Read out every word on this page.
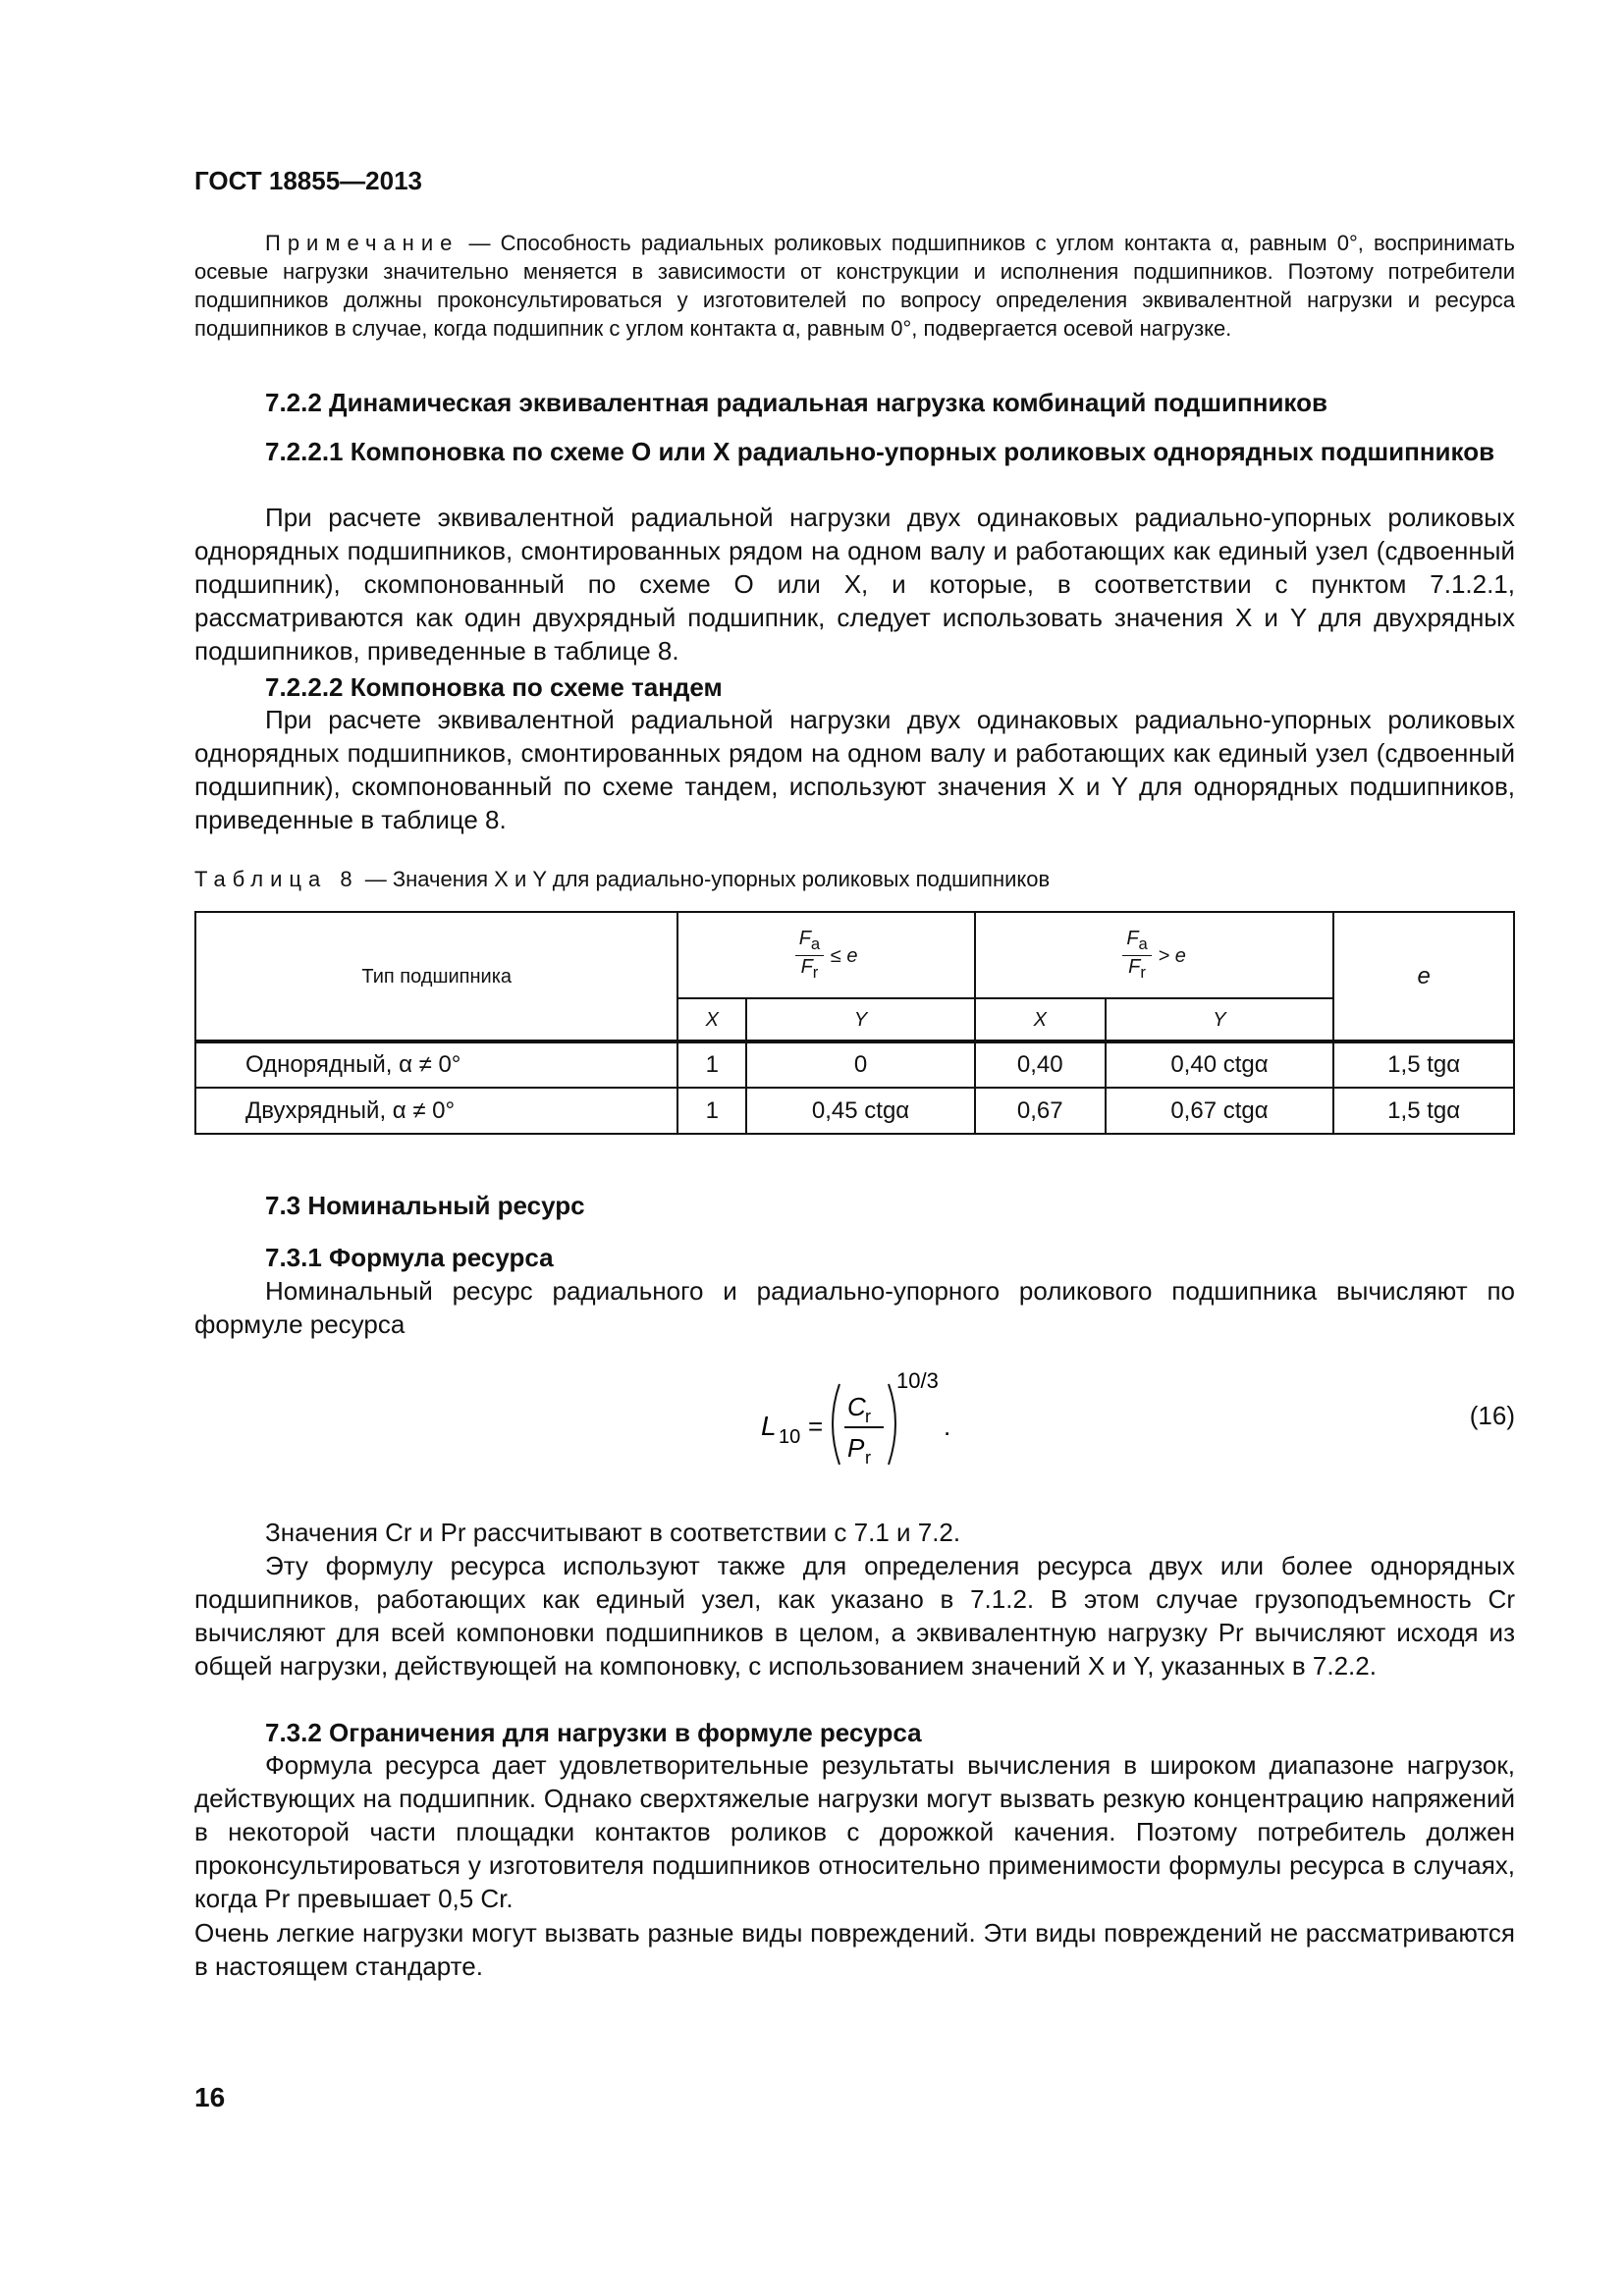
ГОСТ 18855—2013
Примечание — Способность радиальных роликовых подшипников с углом контакта α, равным 0°, воспринимать осевые нагрузки значительно меняется в зависимости от конструкции и исполнения подшипников. Поэтому потребители подшипников должны проконсультироваться у изготовителей по вопросу определения эквивалентной нагрузки и ресурса подшипников в случае, когда подшипник с углом контакта α, равным 0°, подвергается осевой нагрузке.
7.2.2 Динамическая эквивалентная радиальная нагрузка комбинаций подшипников
7.2.2.1 Компоновка по схеме O или X радиально-упорных роликовых однорядных подшипников
При расчете эквивалентной радиальной нагрузки двух одинаковых радиально-упорных роликовых однорядных подшипников, смонтированных рядом на одном валу и работающих как единый узел (сдвоенный подшипник), скомпонованный по схеме O или X, и которые, в соответствии с пунктом 7.1.2.1, рассматриваются как один двухрядный подшипник, следует использовать значения X и Y для двухрядных подшипников, приведенные в таблице 8.
7.2.2.2 Компоновка по схеме тандем
При расчете эквивалентной радиальной нагрузки двух одинаковых радиально-упорных роликовых однорядных подшипников, смонтированных рядом на одном валу и работающих как единый узел (сдвоенный подшипник), скомпонованный по схеме тандем, используют значения X и Y для однорядных подшипников, приведенные в таблице 8.
Таблица 8 — Значения X и Y для радиально-упорных роликовых подшипников
Тип подшипника	$\frac{F_a}{F_r} \le e$		$\frac{F_a}{F_r} > e$		e
	X	Y	X	Y	
Однорядный, α ≠ 0°	1	0	0,40	0,40 ctgα	1,5 tgα
Двухрядный, α ≠ 0°	1	0,45 ctgα	0,67	0,67 ctgα	1,5 tgα
7.3 Номинальный ресурс
7.3.1 Формула ресурса
Номинальный ресурс радиального и радиально-упорного роликового подшипника вычисляют по формуле ресурса
L 10 =
C r
P r
10/3
.	(16)
Значения Cr и Pr рассчитывают в соответствии с 7.1 и 7.2.
Эту формулу ресурса используют также для определения ресурса двух или более однорядных подшипников, работающих как единый узел, как указано в 7.1.2. В этом случае грузоподъемность Cr вычисляют для всей компоновки подшипников в целом, а эквивалентную нагрузку Pr вычисляют исходя из общей нагрузки, действующей на компоновку, с использованием значений X и Y, указанных в 7.2.2.
7.3.2 Ограничения для нагрузки в формуле ресурса
Формула ресурса дает удовлетворительные результаты вычисления в широком диапазоне нагрузок, действующих на подшипник. Однако сверхтяжелые нагрузки могут вызвать резкую концентрацию напряжений в некоторой части площадки контактов роликов с дорожкой качения. Поэтому потребитель должен проконсультироваться у изготовителя подшипников относительно применимости формулы ресурса в случаях, когда Pr превышает 0,5 Cr.
Очень легкие нагрузки могут вызвать разные виды повреждений. Эти виды повреждений не рассматриваются в настоящем стандарте.
16
